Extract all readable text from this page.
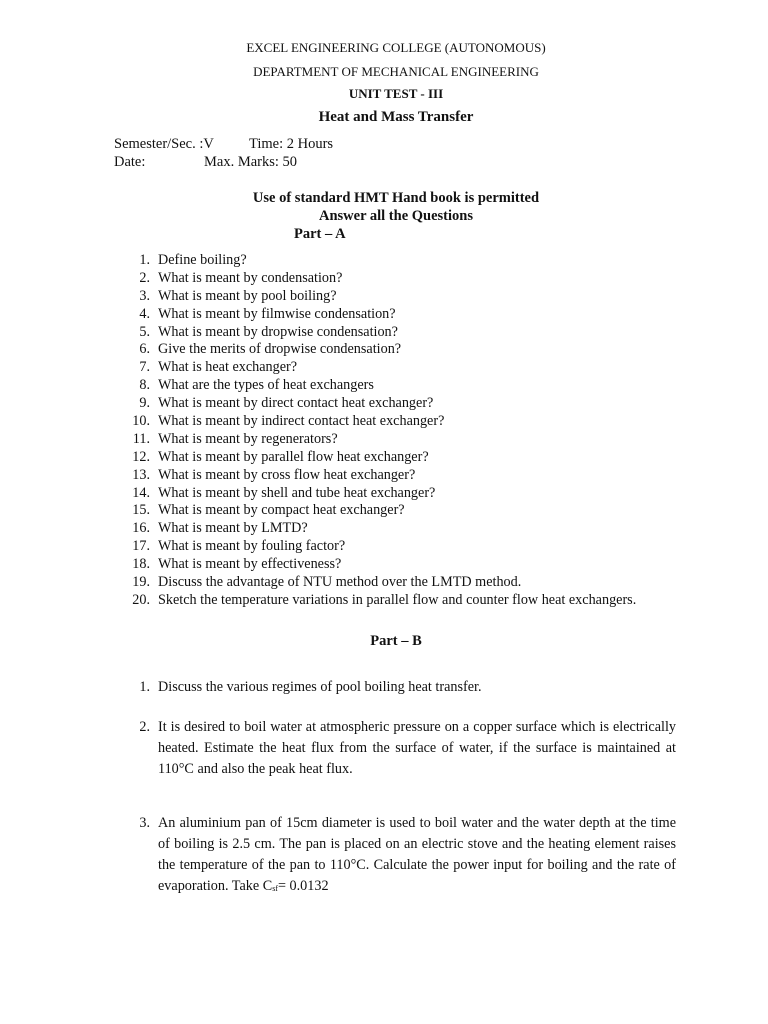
EXCEL ENGINEERING COLLEGE (AUTONOMOUS)
DEPARTMENT OF MECHANICAL ENGINEERING
UNIT TEST - III
Heat and Mass Transfer
Semester/Sec. :V Time: 2 Hours
Date:	Max. Marks: 50
Use of standard HMT Hand book is permitted
Answer all the Questions
Part – A
1. Define boiling?
2. What is meant by condensation?
3. What is meant by pool boiling?
4. What is meant by filmwise condensation?
5. What is meant by dropwise condensation?
6. Give the merits of dropwise condensation?
7. What is heat exchanger?
8. What are the types of heat exchangers
9. What is meant by direct contact heat exchanger?
10. What is meant by indirect contact heat exchanger?
11. What is meant by regenerators?
12. What is meant by parallel flow heat exchanger?
13. What is meant by cross flow heat exchanger?
14. What is meant by shell and tube heat exchanger?
15. What is meant by compact heat exchanger?
16. What is meant by LMTD?
17. What is meant by fouling factor?
18. What is meant by effectiveness?
19. Discuss the advantage of NTU method over the LMTD method.
20. Sketch the temperature variations in parallel flow and counter flow heat exchangers.
Part – B
1. Discuss the various regimes of pool boiling heat transfer.
2. It is desired to boil water at atmospheric pressure on a copper surface which is electrically heated. Estimate the heat flux from the surface of water, if the surface is maintained at 110°C and also the peak heat flux.
3. An aluminium pan of 15cm diameter is used to boil water and the water depth at the time of boiling is 2.5 cm. The pan is placed on an electric stove and the heating element raises the temperature of the pan to 110°C. Calculate the power input for boiling and the rate of evaporation. Take $C_{sf}= 0.0132$
